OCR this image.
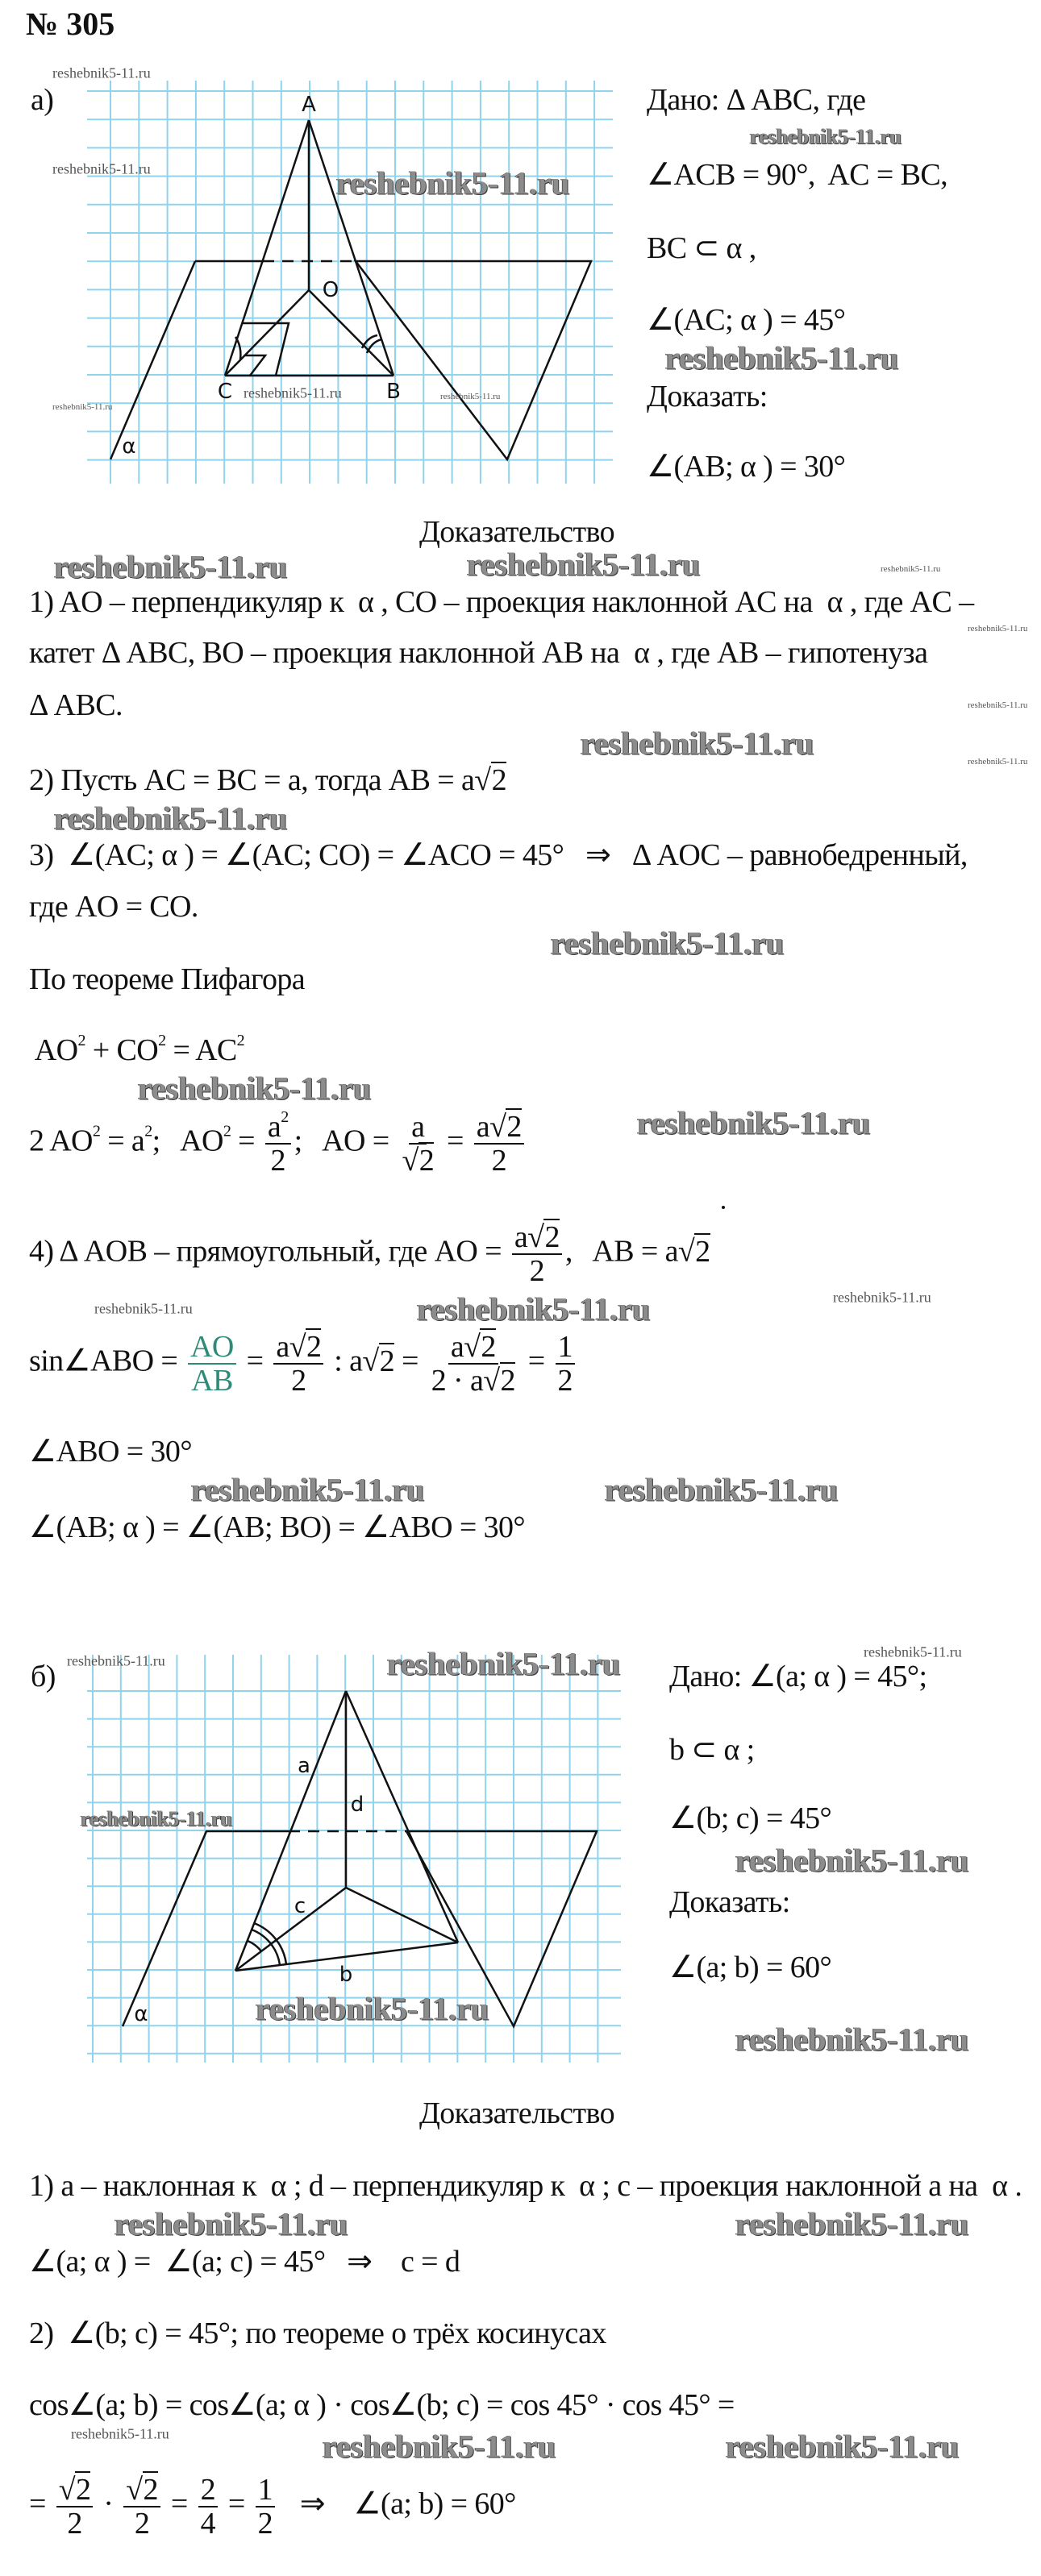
№ 305
а)	A
O
C	B
α
Дано: Δ ABC, где
∠ACB = 90°,  AC = BC,
BC ⊂ α ,
∠(AC; α ) = 45°
Доказать:
∠(AB; α ) = 30°
Доказательство
1) AO – перпендикуляр к  α , CO – проекция наклонной AC на  α , где AC –
катет Δ ABC, BO – проекция наклонной AB на  α , где AB – гипотенуза
Δ ABC.
2) Пусть AC = BC = a, тогда AB = a√2
3)  ∠(AC; α ) = ∠(AC; CO) = ∠ACO = 45°   ⇒   Δ AOC – равнобедренный,
где AO = CO.
По теореме Пифагора
$AO^2 + CO^2 = AC^2$
2 $AO^2 = a^2$;   $AO^2 = \frac{a^2}{2}$ ;   AO = $\frac{a}{√2} = \frac{a√2}{2}$
4) Δ AOB – прямоугольный, где AO = $\frac{a√2}{2}$ ,   AB = a√2
sin∠ABO = $\frac{AO}{AB} = \frac{a√2}{2}$ : $a√2 = \frac{a√2}{2 \cdot a√2} = \frac{1}{2}$
∠ABO = 30°
∠(AB; α ) = ∠(AB; BO) = ∠ABO = 30°
б)
a
d
c
b
α
Дано: ∠(a; α ) = 45°;
b ⊂ α ;
∠(b; c) = 45°
Доказать:
∠(a; b) = 60°
Доказательство
1) a – наклонная к  α ; d – перпендикуляр к  α ; c – проекция наклонной a на  α .
∠(a; α ) =  ∠(a; c) = 45°   ⇒    c = d
2)  ∠(b; c) = 45°; по теореме о трёх косинусах
cos∠(a; b) = cos∠(a; α ) · cos∠(b; c) = cos 45° · cos 45° =
= $\frac{√2}{2} \cdot \frac{√2}{2} = \frac{2}{4} = \frac{1}{2}$ ⇒    ∠(a; b) = 60°
reshebnik5-11.ru
reshebnik5-11.ru	reshebnik5-11.ru
reshebnik5-11.ru
reshebnik5-11.ru
reshebnik5-11.ru	reshebnik5-11.ru
reshebnik5-11.ru
reshebnik5-11.ru	reshebnik5-11.ru	reshebnik5-11.ru
reshebnik5-11.ru
reshebnik5-11.ru
reshebnik5-11.ru
reshebnik5-11.ru
reshebnik5-11.ru
reshebnik5-11.ru
reshebnik5-11.ru
reshebnik5-11.ru
reshebnik5-11.ru	reshebnik5-11.ru	reshebnik5-11.ru
reshebnik5-11.ru	reshebnik5-11.ru
reshebnik5-11.ru	reshebnik5-11.ru	reshebnik5-11.ru
reshebnik5-11.ru
reshebnik5-11.ru
reshebnik5-11.ru
reshebnik5-11.ru
reshebnik5-11.ru	reshebnik5-11.ru
reshebnik5-11.ru
reshebnik5-11.ru	reshebnik5-11.ru
